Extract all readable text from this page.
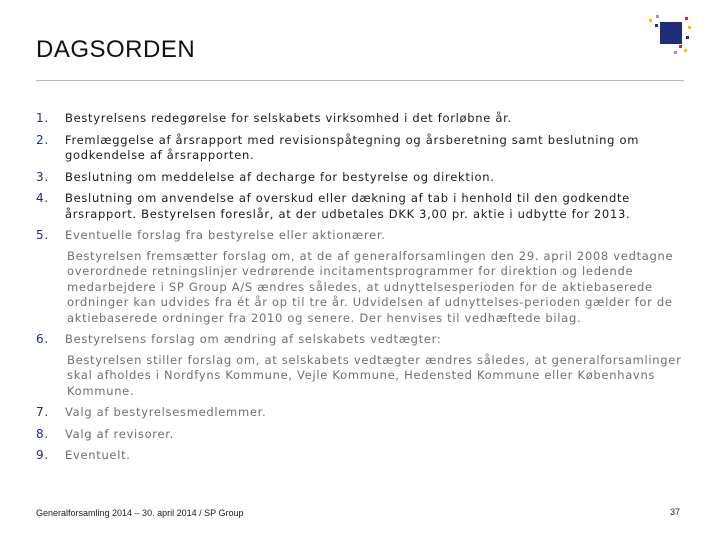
DAGSORDEN
1. Bestyrelsens redegørelse for selskabets virksomhed i det forløbne år.
2. Fremlæggelse af årsrapport med revisionspåtegning og årsberetning samt beslutning om godkendelse af årsrapporten.
3. Beslutning om meddelelse af decharge for bestyrelse og direktion.
4. Beslutning om anvendelse af overskud eller dækning af tab i henhold til den godkendte årsrapport. Bestyrelsen foreslår, at der udbetales DKK 3,00 pr. aktie i udbytte for 2013.
5. Eventuelle forslag fra bestyrelse eller aktionærer.
Bestyrelsen fremsætter forslag om, at de af generalforsamlingen den 29. april 2008 vedtagne overordnede retningslinjer vedrørende incitamentsprogrammer for direktion og ledende medarbejdere i SP Group A/S ændres således, at udnyttelsesperioden for de aktiebaserede ordninger kan udvides fra ét år op til tre år. Udvidelsen af udnyttelses-perioden gælder for de aktiebaserede ordninger fra 2010 og senere. Der henvises til vedhæftede bilag.
6. Bestyrelsens forslag om ændring af selskabets vedtægter:
Bestyrelsen stiller forslag om, at selskabets vedtægter ændres således, at generalforsamlinger skal afholdes i Nordfyns Kommune, Vejle Kommune, Hedensted Kommune eller Københavns Kommune.
7. Valg af bestyrelsesmedlemmer.
8. Valg af revisorer.
9. Eventuelt.
Generalforsamling 2014 – 30. april 2014 / SP Group	37
